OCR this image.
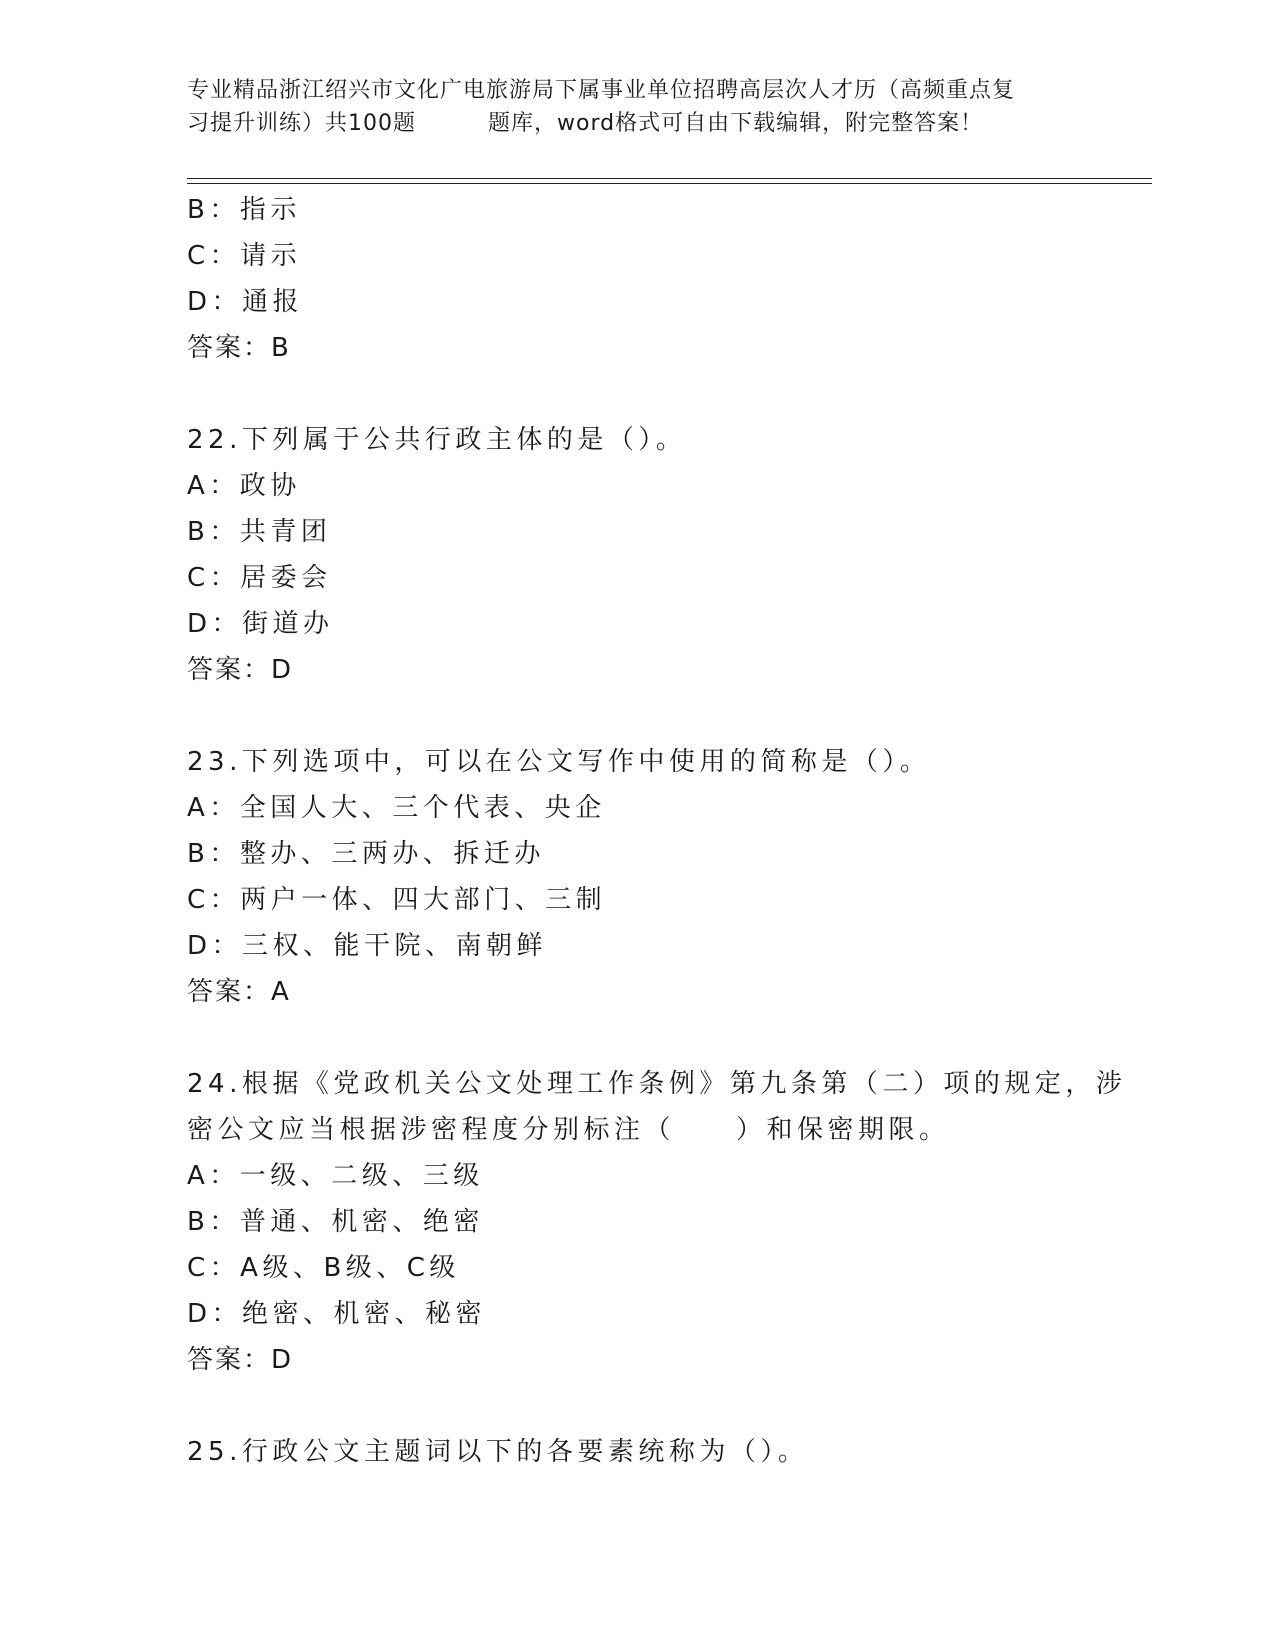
专业精品浙江绍兴市文化广电旅游局下属事业单位招聘高层次人才历（高频重点复
习提升训练）共100题	题库，word格式可自由下载编辑，附完整答案！
B：指示
C：请示
D：通报
答案：B
22.下列属于公共行政主体的是（）。
A：政协
B：共青团
C：居委会
D：街道办
答案：D
23.下列选项中，可以在公文写作中使用的简称是（）。
A：全国人大、三个代表、央企
B：整办、三两办、拆迁办
C：两户一体、四大部门、三制
D：三权、能干院、南朝鲜
答案：A
24.根据《党政机关公文处理工作条例》第九条第（二）项的规定，涉
密公文应当根据涉密程度分别标注（　　）和保密期限。
A：一级、二级、三级
B：普通、机密、绝密
C：A级、B级、C级
D：绝密、机密、秘密
答案：D
25.行政公文主题词以下的各要素统称为（）。
